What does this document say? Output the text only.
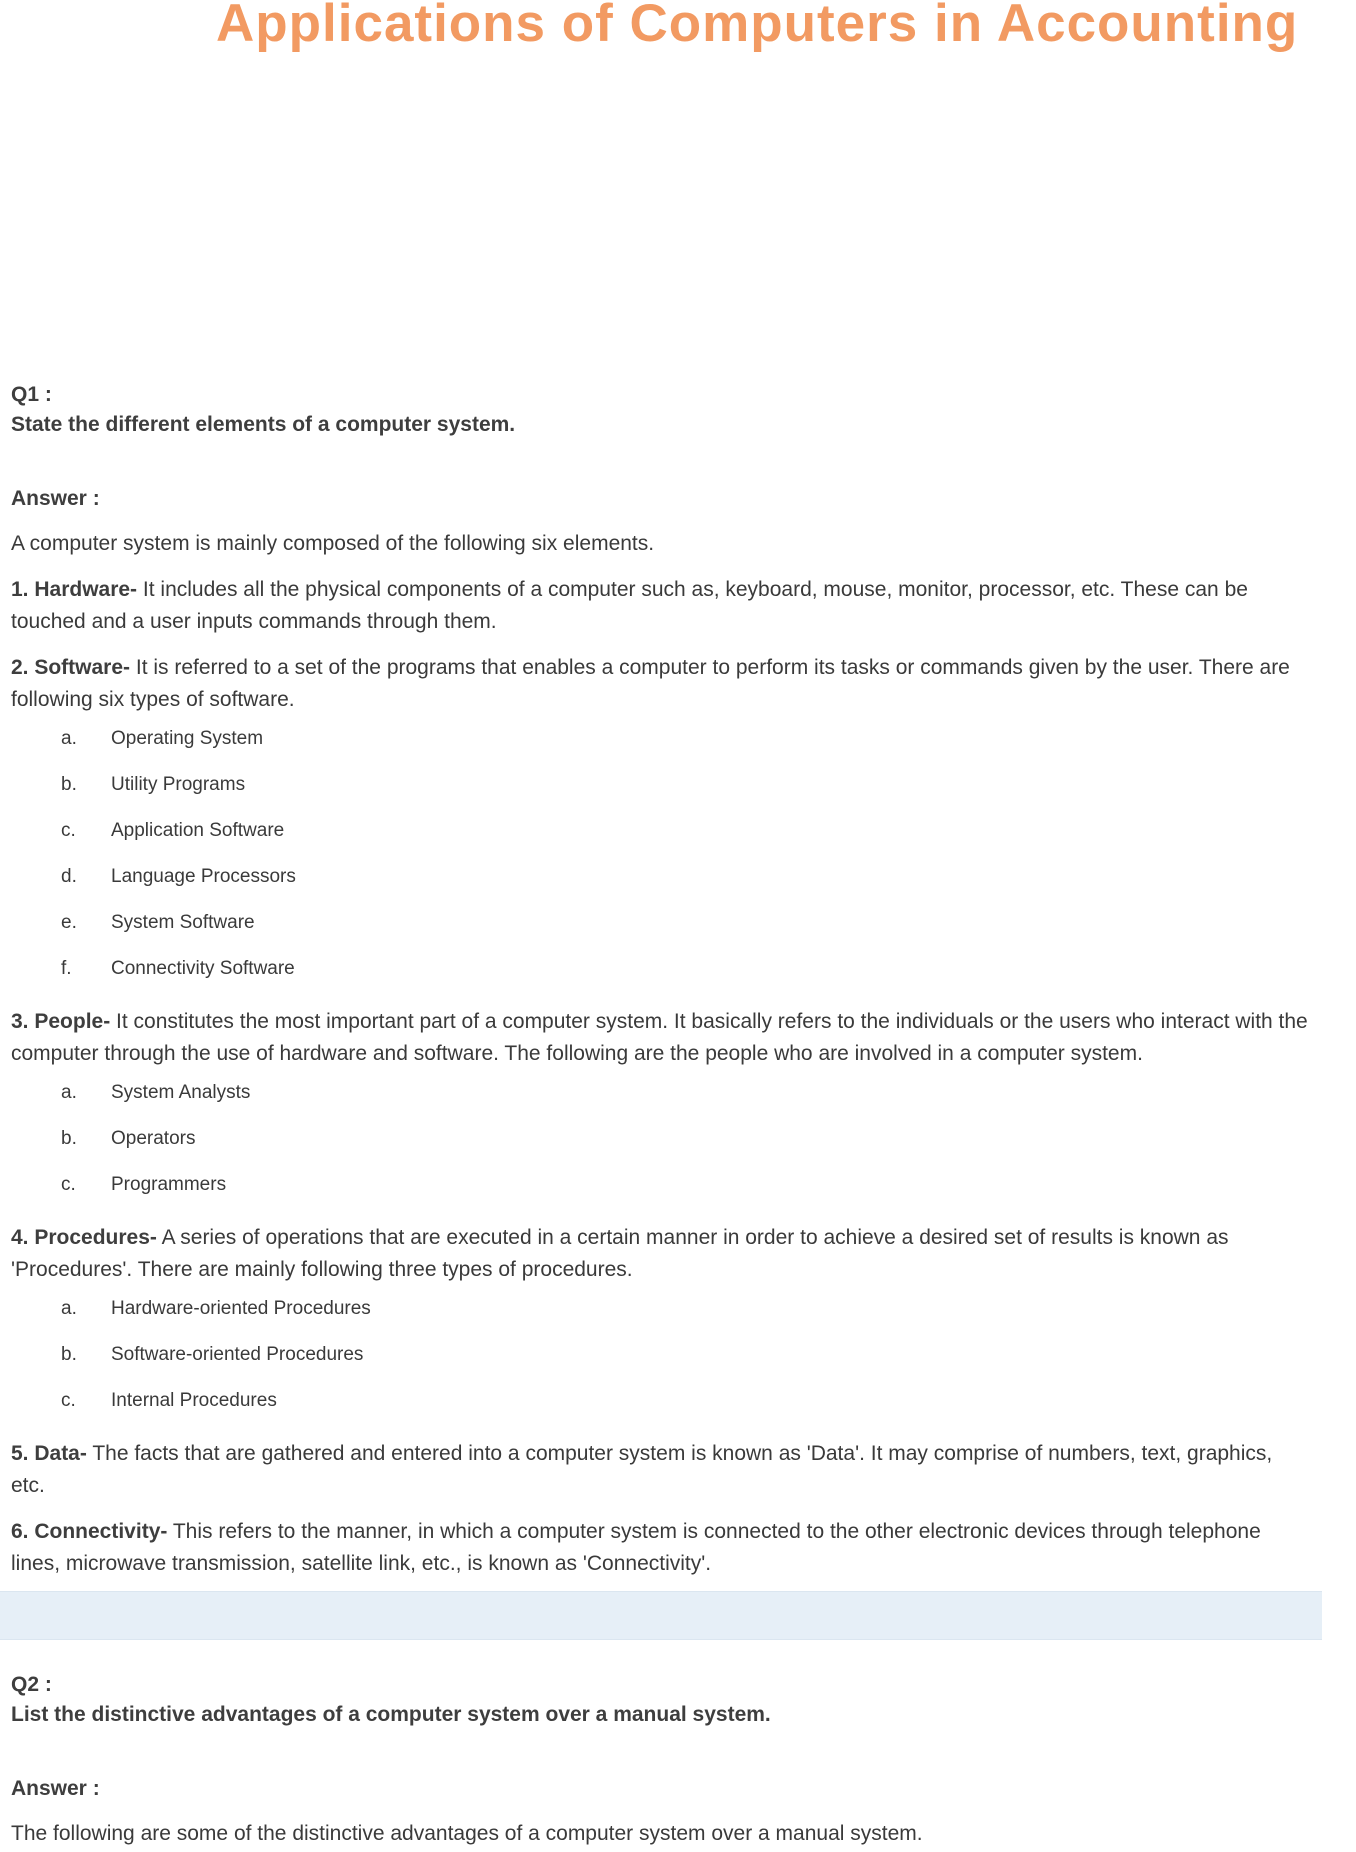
Applications of Computers in Accounting

Q1 :

State the different elements of a computer system.

Answer :

A computer system is mainly composed of the following six elements.

1. Hardware- It includes all the physical components of a computer such as, keyboard, mouse, monitor, processor, etc. These can be touched and a user inputs commands through them.

2. Software- It is referred to a set of the programs that enables a computer to perform its tasks or commands given by the user. There are following six types of software.

a.	Operating System
b.	Utility Programs
c.	Application Software
d.	Language Processors
e.	System Software
f.	Connectivity Software

3. People- It constitutes the most important part of a computer system. It basically refers to the individuals or the users who interact with the computer through the use of hardware and software. The following are the people who are involved in a computer system.

a.	System Analysts
b.	Operators
c.	Programmers

4. Procedures- A series of operations that are executed in a certain manner in order to achieve a desired set of results is known as 'Procedures'. There are mainly following three types of procedures.

a.	Hardware-oriented Procedures
b.	Software-oriented Procedures
c.	Internal Procedures

5. Data- The facts that are gathered and entered into a computer system is known as 'Data'. It may comprise of numbers, text, graphics, etc.

6. Connectivity- This refers to the manner, in which a computer system is connected to the other electronic devices through telephone lines, microwave transmission, satellite link, etc., is known as 'Connectivity'.

Q2 :

List the distinctive advantages of a computer system over a manual system.

Answer :

The following are some of the distinctive advantages of a computer system over a manual system.
